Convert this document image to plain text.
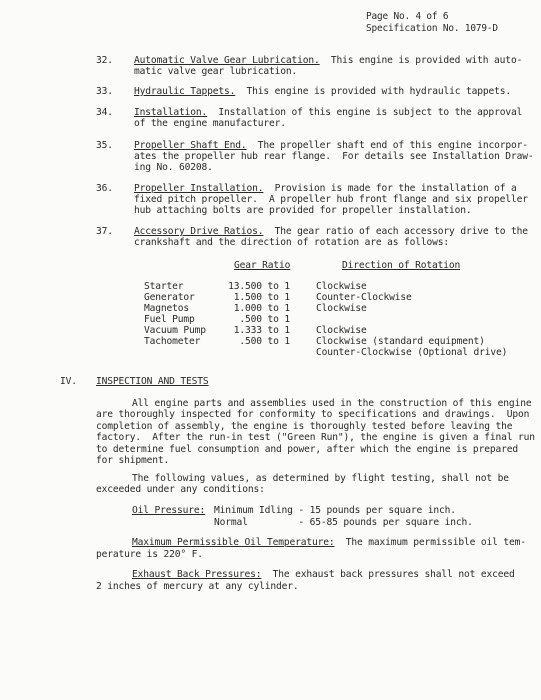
Page No. 4 of 6
Specification No. 1079-D
32. Automatic Valve Gear Lubrication.  This engine is provided with auto-
matic valve gear lubrication.
33. Hydraulic Tappets.  This engine is provided with hydraulic tappets.
34. Installation.  Installation of this engine is subject to the approval
of the engine manufacturer.
35. Propeller Shaft End.  The propeller shaft end of this engine incorpor-
ates the propeller hub rear flange.  For details see Installation Draw-
ing No. 60208.
36. Propeller Installation.  Provision is made for the installation of a
fixed pitch propeller.  A propeller hub front flange and six propeller
hub attaching bolts are provided for propeller installation.
37. Accessory Drive Ratios.  The gear ratio of each accessory drive to the
crankshaft and the direction of rotation are as follows:
Gear Ratio	Direction of Rotation
Starter	13.500 to 1	Clockwise
Generator	1.500 to 1	Counter-Clockwise
Magnetos	1.000 to 1	Clockwise
Fuel Pump	.500 to 1
Vacuum Pump	1.333 to 1	Clockwise
Tachometer	.500 to 1	Clockwise (standard equipment)
Counter-Clockwise (Optional drive)
IV. INSPECTION AND TESTS
All engine parts and assemblies used in the construction of this engine
are thoroughly inspected for conformity to specifications and drawings.  Upon
completion of assembly, the engine is thoroughly tested before leaving the
factory.  After the run-in test ("Green Run"), the engine is given a final run
to determine fuel consumption and power, after which the engine is prepared
for shipment.
The following values, as determined by flight testing, shall not be
exceeded under any conditions:
Oil Pressure: Minimum Idling - 15 pounds per square inch.
Normal         - 65-85 pounds per square inch.
Maximum Permissible Oil Temperature:  The maximum permissible oil tem-
perature is 220° F.
Exhaust Back Pressures:  The exhaust back pressures shall not exceed
2 inches of mercury at any cylinder.
